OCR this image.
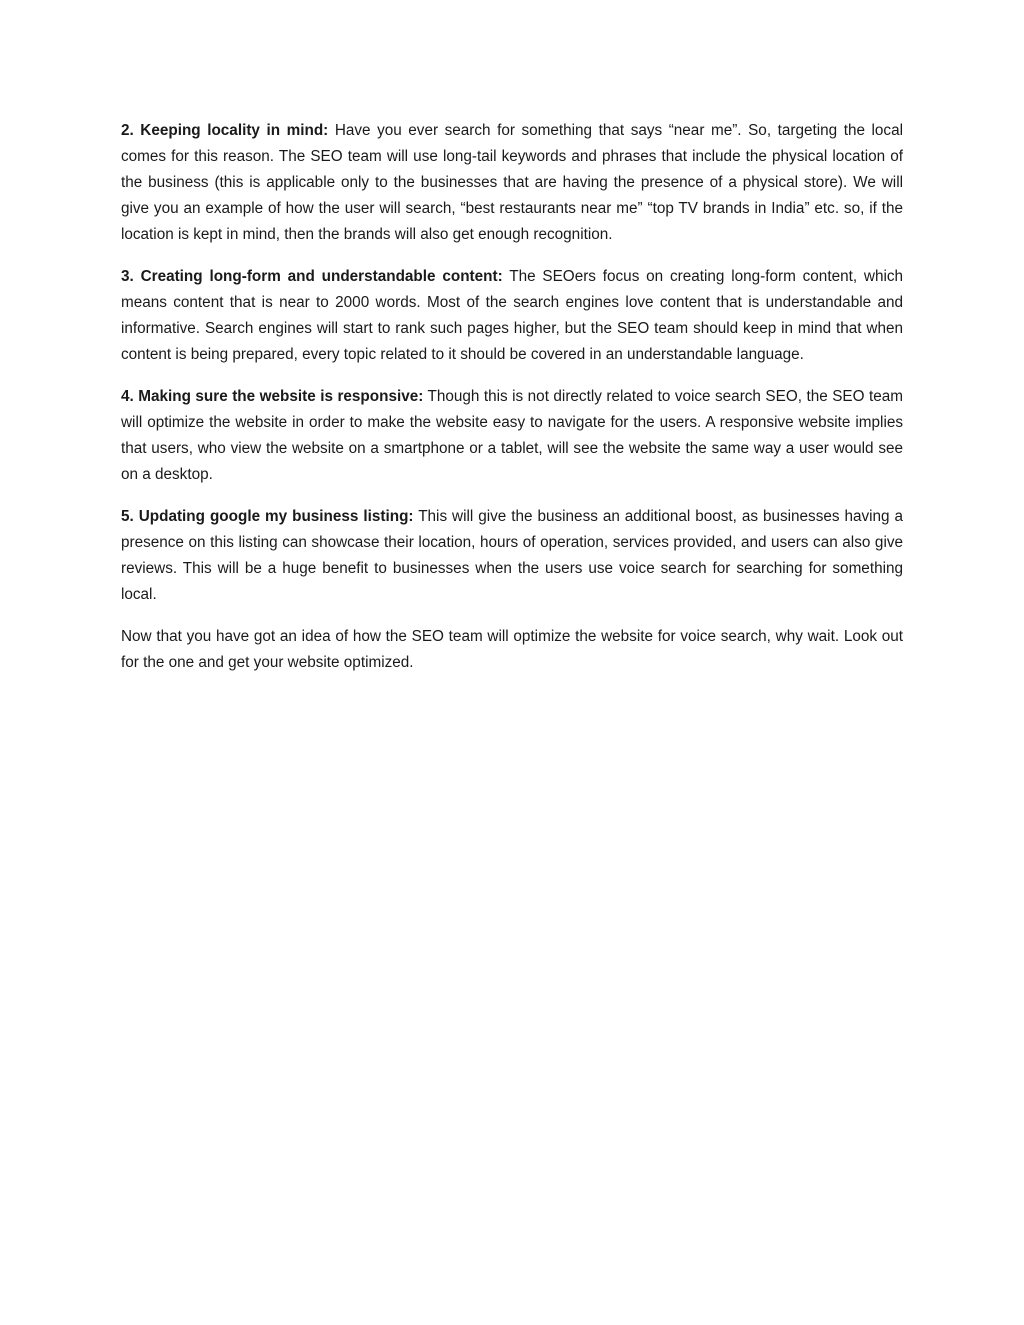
2. Keeping locality in mind: Have you ever search for something that says “near me”. So, targeting the local comes for this reason. The SEO team will use long-tail keywords and phrases that include the physical location of the business (this is applicable only to the businesses that are having the presence of a physical store). We will give you an example of how the user will search, “best restaurants near me” “top TV brands in India” etc. so, if the location is kept in mind, then the brands will also get enough recognition.

3. Creating long-form and understandable content: The SEOers focus on creating long-form content, which means content that is near to 2000 words. Most of the search engines love content that is understandable and informative. Search engines will start to rank such pages higher, but the SEO team should keep in mind that when content is being prepared, every topic related to it should be covered in an understandable language.

4. Making sure the website is responsive: Though this is not directly related to voice search SEO, the SEO team will optimize the website in order to make the website easy to navigate for the users. A responsive website implies that users, who view the website on a smartphone or a tablet, will see the website the same way a user would see on a desktop.

5. Updating google my business listing: This will give the business an additional boost, as businesses having a presence on this listing can showcase their location, hours of operation, services provided, and users can also give reviews. This will be a huge benefit to businesses when the users use voice search for searching for something local.

Now that you have got an idea of how the SEO team will optimize the website for voice search, why wait. Look out for the one and get your website optimized.
